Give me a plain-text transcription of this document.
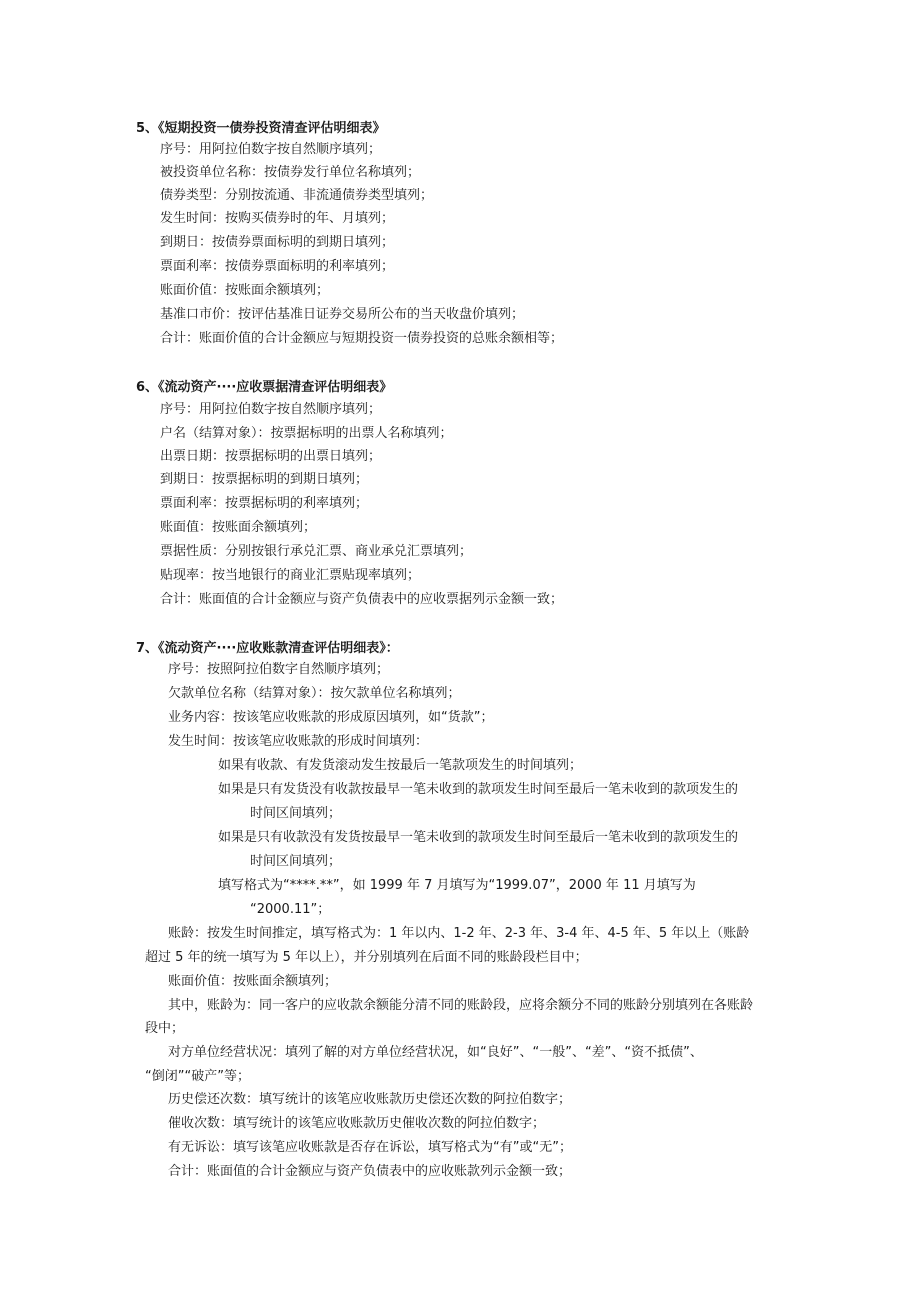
5、《短期投资一债券投资清查评估明细表》
序号：用阿拉伯数字按自然顺序填列；
被投资单位名称：按债券发行单位名称填列；
债券类型：分别按流通、非流通债券类型填列；
发生时间：按购买债券时的年、月填列；
到期日：按债券票面标明的到期日填列；
票面利率：按债券票面标明的利率填列；
账面价值：按账面余额填列；
基准口市价：按评估基准日证券交易所公布的当天收盘价填列；
合计：账面价值的合计金额应与短期投资一债券投资的总账余额相等；
6、《流动资产····应收票据清查评估明细表》
序号：用阿拉伯数字按自然顺序填列；
户名（结算对象）：按票据标明的出票人名称填列；
出票日期：按票据标明的出票日填列；
到期日：按票据标明的到期日填列；
票面利率：按票据标明的利率填列；
账面值：按账面余额填列；
票据性质：分别按银行承兑汇票、商业承兑汇票填列；
贴现率：按当地银行的商业汇票贴现率填列；
合计：账面值的合计金额应与资产负债表中的应收票据列示金额一致；
7、《流动资产····应收账款清查评估明细表》：
序号：按照阿拉伯数字自然顺序填列；
欠款单位名称（结算对象）：按欠款单位名称填列；
业务内容：按该笔应收账款的形成原因填列，如“货款”；
发生时间：按该笔应收账款的形成时间填列：
如果有收款、有发货滚动发生按最后一笔款项发生的时间填列；
如果是只有发货没有收款按最早一笔未收到的款项发生时间至最后一笔未收到的款项发生的
时间区间填列；
如果是只有收款没有发货按最早一笔未收到的款项发生时间至最后一笔未收到的款项发生的
时间区间填列；
填写格式为“****.**”，如 1999 年 7 月填写为“1999.07”，2000 年 11 月填写为
“2000.11”；
账龄：按发生时间推定，填写格式为：1 年以内、1-2 年、2-3 年、3-4 年、4-5 年、5 年以上（账龄
超过 5 年的统一填写为 5 年以上），并分别填列在后面不同的账龄段栏目中；
账面价值：按账面余额填列；
其中，账龄为：同一客户的应收款余额能分清不同的账龄段，应将余额分不同的账龄分别填列在各账龄
段中；
对方单位经营状况：填列了解的对方单位经营状况，如“良好”、“一般”、“差”、“资不抵债”、
“倒闭”“破产”等；
历史偿还次数：填写统计的该笔应收账款历史偿还次数的阿拉伯数字；
催收次数：填写统计的该笔应收账款历史催收次数的阿拉伯数字；
有无诉讼：填写该笔应收账款是否存在诉讼，填写格式为“有”或“无”；
合计：账面值的合计金额应与资产负债表中的应收账款列示金额一致；
